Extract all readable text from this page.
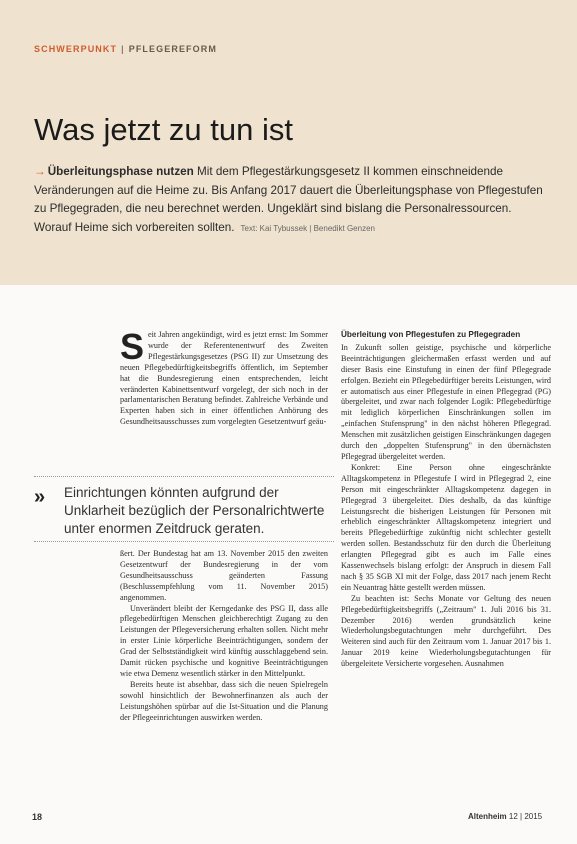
SCHWERPUNKT | PFLEGEREFORM
Was jetzt zu tun ist
→ Überleitungsphase nutzen Mit dem Pflegestärkungsgesetz II kommen einschneidende Veränderungen auf die Heime zu. Bis Anfang 2017 dauert die Überleitungsphase von Pflegestufen zu Pflegegraden, die neu berechnet werden. Ungeklärt sind bislang die Personalressourcen. Worauf Heime sich vorbereiten sollten. Text: Kai Tybussek | Benedikt Genzen

Seit Jahren angekündigt, wird es jetzt ernst: Im Sommer wurde der Referentenentwurf des Zweiten Pflegestärkungsgesetzes (PSG II) zur Umsetzung des neuen Pflegebedürftigkeitsbegriffs öffentlich, im September hat die Bundesregierung einen entsprechenden, leicht veränderten Kabinettsentwurf vorgelegt, der sich noch in der parlamentarischen Beratung befindet. Zahlreiche Verbände und Experten haben sich in einer öffentlichen Anhörung des Gesundheitsausschusses zum vorgelegten Gesetzentwurf geäu-

» Einrichtungen könnten aufgrund der Unklarheit bezüglich der Personalrichtwerte unter enormen Zeitdruck geraten.

ßert. Der Bundestag hat am 13. November 2015 den zweiten Gesetzentwurf der Bundesregierung in der vom Gesundheitsausschuss geänderten Fassung (Beschlussempfehlung vom 11. November 2015) angenommen.

Unverändert bleibt der Kerngedanke des PSG II, dass alle pflegebedürftigen Menschen gleichberechtigt Zugang zu den Leistungen der Pflegeversicherung erhalten sollen. Nicht mehr in erster Linie körperliche Beeinträchtigungen, sondern der Grad der Selbstständigkeit wird künftig ausschlaggebend sein. Damit rücken psychische und kognitive Beeinträchtigungen wie etwa Demenz wesentlich stärker in den Mittelpunkt.

Bereits heute ist absehbar, dass sich die neuen Spielregeln sowohl hinsichtlich der Bewohnerfinanzen als auch der Leistungshöhen spürbar auf die Ist-Situation und die Planung der Pflegeeinrichtungen auswirken werden.

Überleitung von Pflegestufen zu Pflegegraden

In Zukunft sollen geistige, psychische und körperliche Beeinträchtigungen gleichermaßen erfasst werden und auf dieser Basis eine Einstufung in einen der fünf Pflegegrade erfolgen. Bezieht ein Pflegebedürftiger bereits Leistungen, wird er automatisch aus einer Pflegestufe in einen Pflegegrad (PG) übergeleitet, und zwar nach folgender Logik: Pflegebedürftige mit lediglich körperlichen Einschränkungen sollen im „einfachen Stufensprung" in den nächst höheren Pflegegrad. Menschen mit zusätzlichen geistigen Einschränkungen dagegen durch den „doppelten Stufensprung" in den übernächsten Pflegegrad übergeleitet werden.

Konkret: Eine Person ohne eingeschränkte Alltagskompetenz in Pflegestufe I wird in Pflegegrad 2, eine Person mit eingeschränkter Alltagskompetenz dagegen in Pflegegrad 3 übergeleitet. Dies deshalb, da das künftige Leistungsrecht die bisherigen Leistungen für Personen mit erheblich eingeschränkter Alltagskompetenz integriert und bereits Pflegebedürftige zukünftig nicht schlechter gestellt werden sollen. Bestandsschutz für den durch die Überleitung erlangten Pflegegrad gibt es auch im Falle eines Kassenwechsels bislang erfolgt: der Anspruch in diesem Fall nach § 35 SGB XI mit der Folge, dass 2017 nach jenem Recht ein Neuantrag hätte gestellt werden müssen.

Zu beachten ist: Sechs Monate vor Geltung des neuen Pflegebedürftigkeitsbegriffs („Zeitraum" 1. Juli 2016 bis 31. Dezember 2016) werden grundsätzlich keine Wiederholungsbegutachtungen mehr durchgeführt. Des Weiteren sind auch für den Zeitraum vom 1. Januar 2017 bis 1. Januar 2019 keine Wiederholungsbegutachtungen für übergeleitete Versicherte vorgesehen. Ausnahmen

18	Altenheim 12 | 2015
